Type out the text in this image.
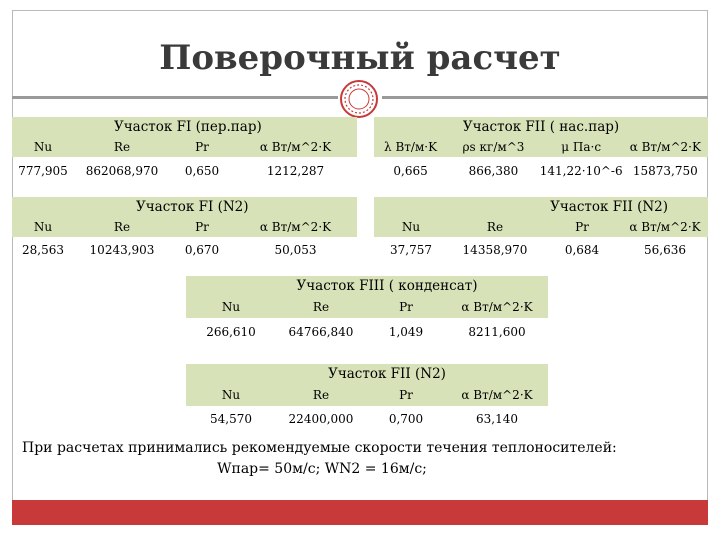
Поверочный расчет
	Участок FI (пер.пар)			
Nu	Re	Pr	α Вт/м^2·K	
777,905	862068,970	0,650	1212,287	
Участок FII ( нас.пар)			
λ Вт/м·K	ρs кг/м^3	μ Па·с	α Вт/м^2·K
0,665	866,380	141,22·10^-6	15873,750
	Участок FI (N2)		
Nu	Re	Pr	α Вт/м^2·K
28,563	10243,903	0,670	50,053
	Участок FII (N2)		
Nu	Re	Pr	α Вт/м^2·K
37,757	14358,970	0,684	56,636
Участок FIII ( конденсат)			
Nu	Re	Pr	α Вт/м^2·K
266,610	64766,840	1,049	8211,600
Участок FII (N2)			
Nu	Re	Pr	α Вт/м^2·K
54,570	22400,000	0,700	63,140
При расчетах принимались рекомендуемые скорости течения теплоносителей:
Wпар= 50м/с; WN2 = 16м/с;
